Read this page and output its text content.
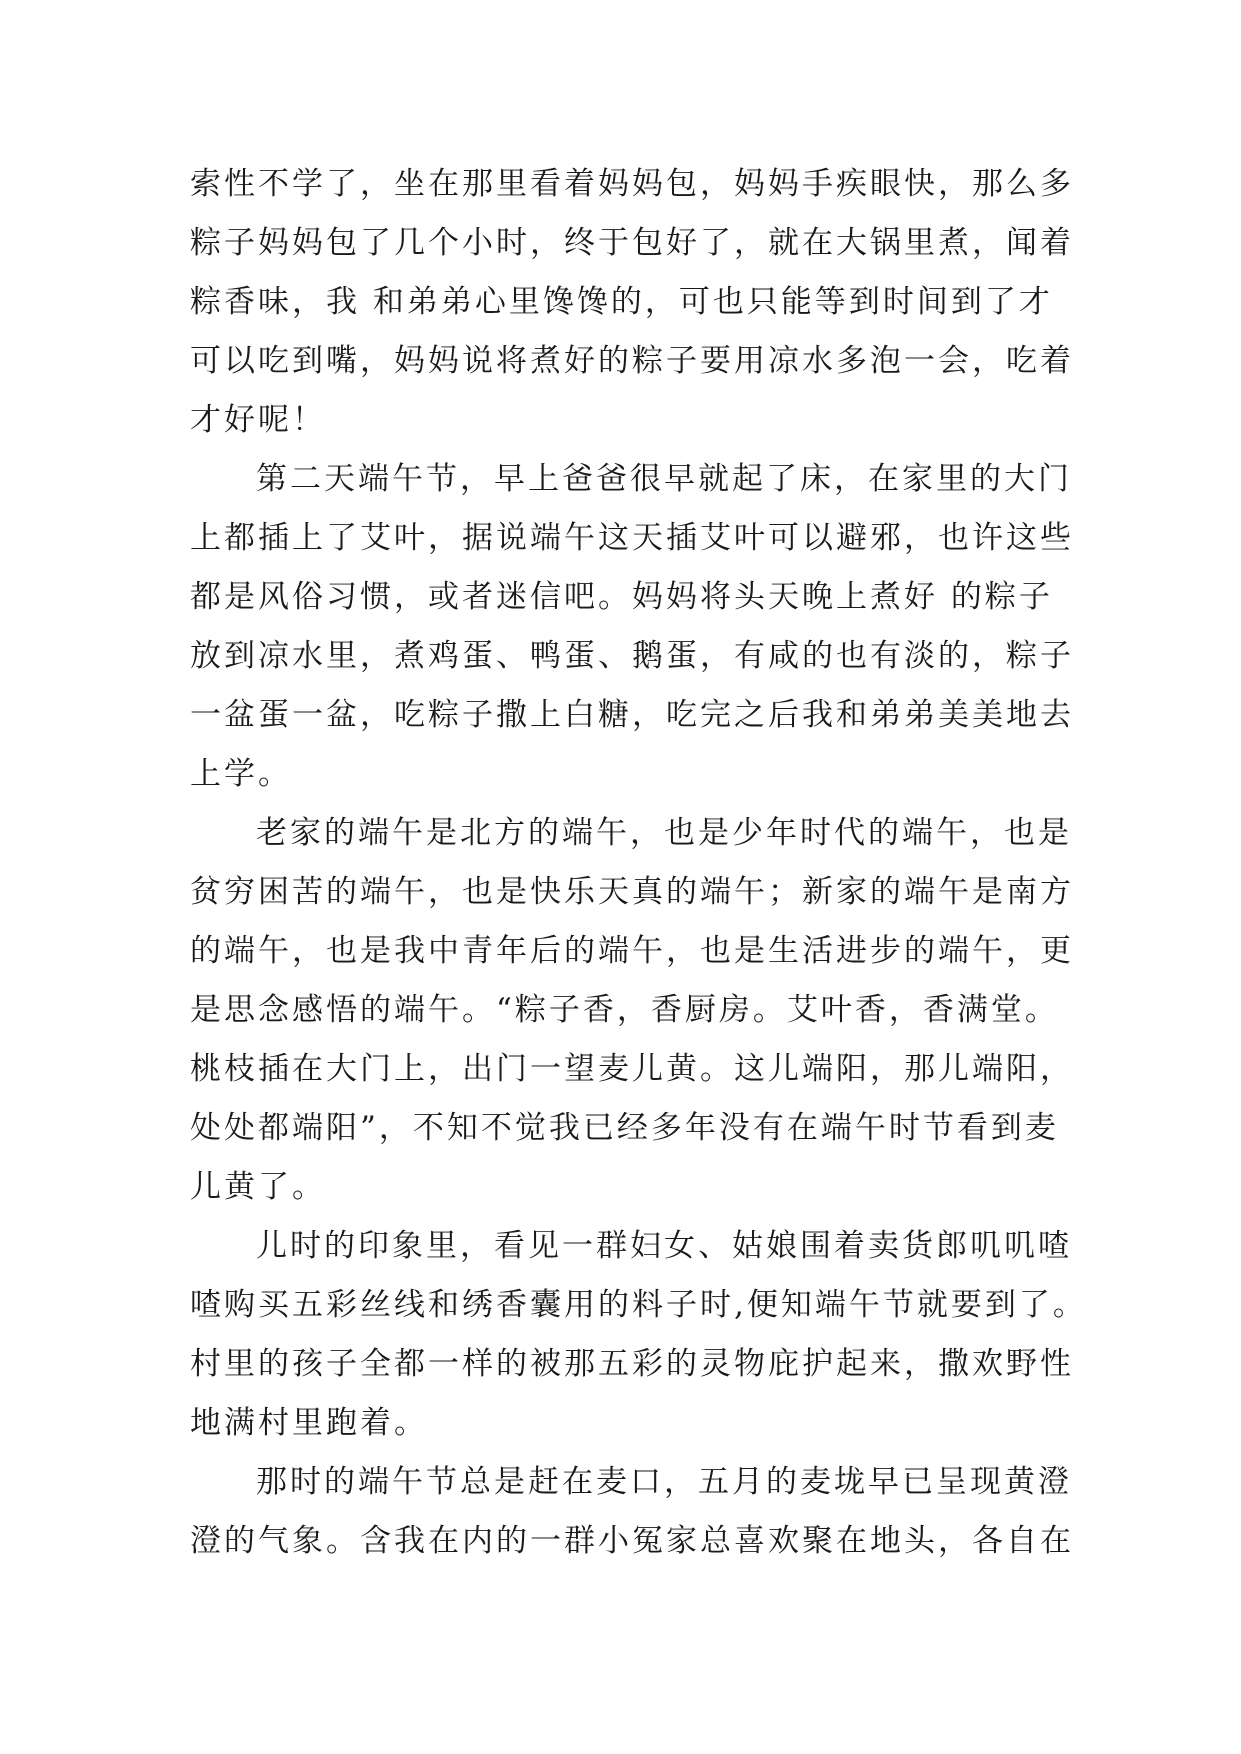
索性不学了，坐在那里看着妈妈包，妈妈手疾眼快，那么多
粽子妈妈包了几个小时，终于包好了，就在大锅里煮，闻着
粽香味，我 和弟弟心里馋馋的，可也只能等到时间到了才
可以吃到嘴，妈妈说将煮好的粽子要用凉水多泡一会，吃着
才好呢！
第二天端午节，早上爸爸很早就起了床，在家里的大门
上都插上了艾叶，据说端午这天插艾叶可以避邪，也许这些
都是风俗习惯，或者迷信吧。妈妈将头天晚上煮好 的粽子
放到凉水里，煮鸡蛋、鸭蛋、鹅蛋，有咸的也有淡的，粽子
一盆蛋一盆，吃粽子撒上白糖，吃完之后我和弟弟美美地去
上学。
老家的端午是北方的端午，也是少年时代的端午，也是
贫穷困苦的端午，也是快乐天真的端午；新家的端午是南方
的端午，也是我中青年后的端午，也是生活进步的端午，更
是思念感悟的端午。“粽子香，香厨房。艾叶香，香满堂。
桃枝插在大门上，出门一望麦儿黄。这儿端阳，那儿端阳，
处处都端阳”，不知不觉我已经多年没有在端午时节看到麦
儿黄了。
儿时的印象里，看见一群妇女、姑娘围着卖货郎叽叽喳
喳购买五彩丝线和绣香囊用的料子时,便知端午节就要到了。
村里的孩子全都一样的被那五彩的灵物庇护起来，撒欢野性
地满村里跑着。
那时的端午节总是赶在麦口，五月的麦垅早已呈现黄澄
澄的气象。含我在内的一群小冤家总喜欢聚在地头，各自在
